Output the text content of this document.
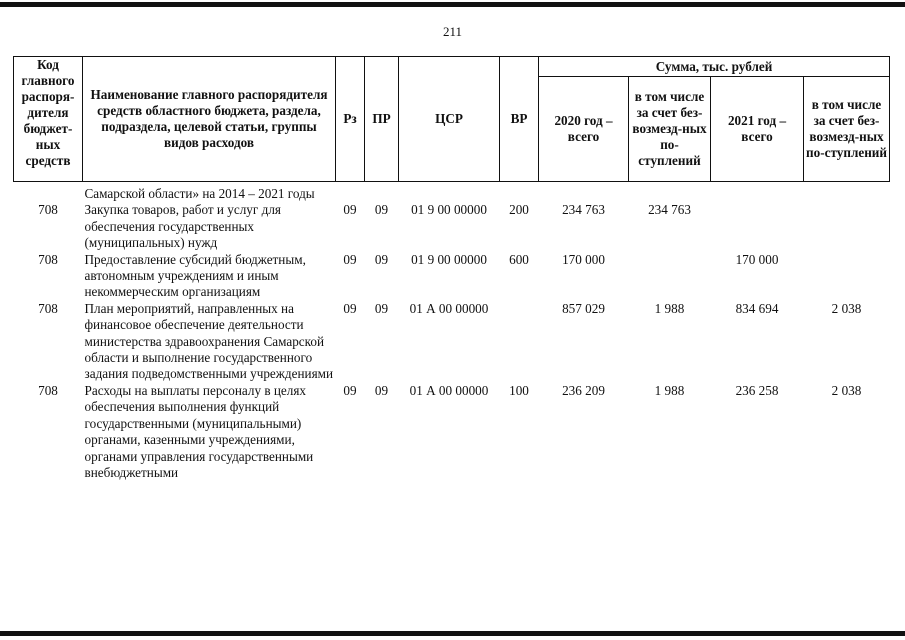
211
Код главного распоря-дителя бюджет-ных средств	Наименование главного распорядителя средств областного бюджета, раздела, подраздела, целевой статьи, группы видов расходов	Рз	ПР	ЦСР	ВР	Сумма, тыс. рублей			
						2020 год – всего	в том числе за счет без-возмезд-ных по-ступлений	2021 год – всего	в том числе за счет без-возмезд-ных по-ступлений

	Самарской области» на 2014 – 2021 годы								
708	Закупка товаров, работ и услуг для обеспечения государственных (муниципальных) нужд	09	09	01 9 00 00000	200	234 763	234 763		
708	Предоставление субсидий бюджетным, автономным учреждениям и иным некоммерческим организациям	09	09	01 9 00 00000	600	170 000		170 000	
708	План мероприятий, направленных на финансовое обеспечение деятельности министерства здравоохранения Самарской области и выполнение государственного задания подведомственными учреждениями	09	09	01 А 00 00000		857 029	1 988	834 694	2 038
708	Расходы на выплаты персоналу в целях обеспечения выполнения функций государственными (муниципальными) органами, казенными учреждениями, органами управления государственными внебюджетными	09	09	01 А 00 00000	100	236 209	1 988	236 258	2 038
